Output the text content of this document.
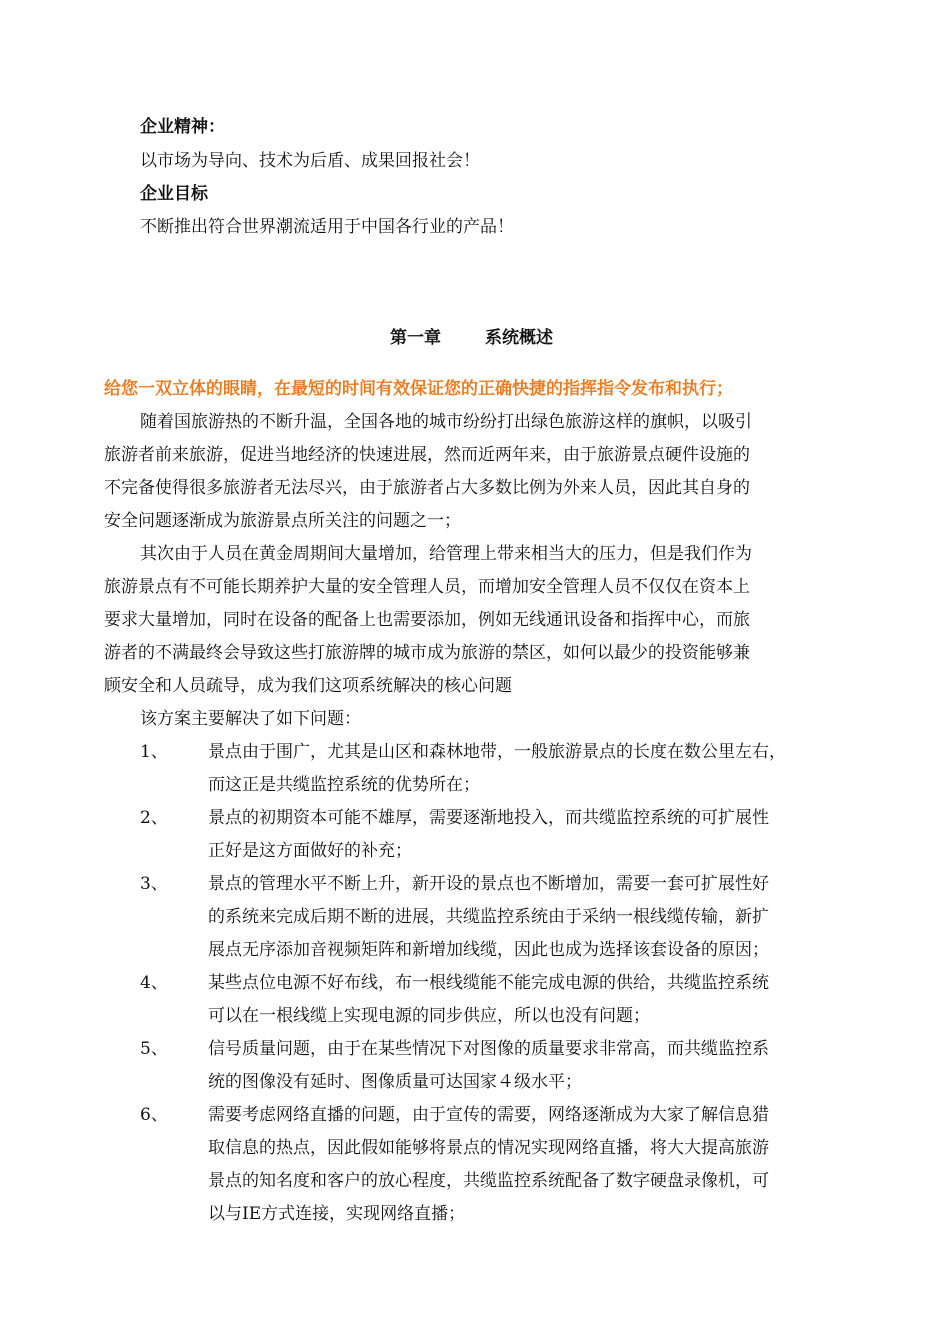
企业精神：
以市场为导向、技术为后盾、成果回报社会！
企业目标
不断推出符合世界潮流适用于中国各行业的产品！
第一章	系统概述
给您一双立体的眼睛，在最短的时间有效保证您的正确快捷的指挥指令发布和执行；
随着国旅游热的不断升温，全国各地的城市纷纷打出绿色旅游这样的旗帜，以吸引
旅游者前来旅游，促进当地经济的快速进展，然而近两年来，由于旅游景点硬件设施的
不完备使得很多旅游者无法尽兴，由于旅游者占大多数比例为外来人员，因此其自身的
安全问题逐渐成为旅游景点所关注的问题之一；
其次由于人员在黄金周期间大量增加，给管理上带来相当大的压力，但是我们作为
旅游景点有不可能长期养护大量的安全管理人员，而增加安全管理人员不仅仅在资本上
要求大量增加，同时在设备的配备上也需要添加，例如无线通讯设备和指挥中心，而旅
游者的不满最终会导致这些打旅游牌的城市成为旅游的禁区，如何以最少的投资能够兼
顾安全和人员疏导，成为我们这项系统解决的核心问题
该方案主要解决了如下问题：
1、 景点由于围广，尤其是山区和森林地带，一般旅游景点的长度在数公里左右，
而这正是共缆监控系统的优势所在；
2、 景点的初期资本可能不雄厚，需要逐渐地投入，而共缆监控系统的可扩展性
正好是这方面做好的补充；
3、 景点的管理水平不断上升，新开设的景点也不断增加，需要一套可扩展性好
的系统来完成后期不断的进展，共缆监控系统由于采纳一根线缆传输，新扩
展点无序添加音视频矩阵和新增加线缆，因此也成为选择该套设备的原因；
4、 某些点位电源不好布线，布一根线缆能不能完成电源的供给，共缆监控系统
可以在一根线缆上实现电源的同步供应，所以也没有问题；
5、 信号质量问题，由于在某些情况下对图像的质量要求非常高，而共缆监控系
统的图像没有延时、图像质量可达国家４级水平；
6、 需要考虑网络直播的问题，由于宣传的需要，网络逐渐成为大家了解信息猎
取信息的热点，因此假如能够将景点的情况实现网络直播，将大大提高旅游
景点的知名度和客户的放心程度，共缆监控系统配备了数字硬盘录像机，可
以与IE方式连接，实现网络直播；
